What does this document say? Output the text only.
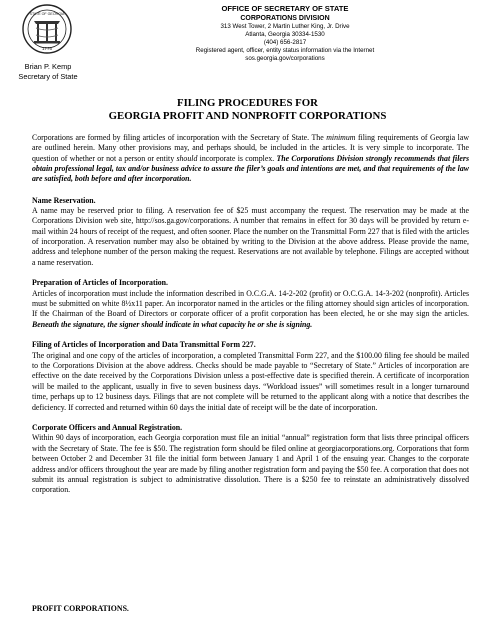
1776
STATE OF GEORGIA
Brian P. Kemp
Secretary of State
OFFICE OF SECRETARY OF STATE
CORPORATIONS DIVISION
313 West Tower, 2 Martin Luther King, Jr. Drive
Atlanta, Georgia 30334-1530
(404) 656-2817
Registered agent, officer, entity status information via the Internet
sos.georgia.gov/corporations
FILING PROCEDURES FOR
GEORGIA PROFIT AND NONPROFIT CORPORATIONS

Corporations are formed by filing articles of incorporation with the Secretary of State. The minimum filing requirements of Georgia law are outlined herein. Many other provisions may, and perhaps should, be included in the articles. It is very simple to incorporate. The question of whether or not a person or entity should incorporate is complex. The Corporations Division strongly recommends that filers obtain professional legal, tax and/or business advice to assure the filer’s goals and intentions are met, and that requirements of the law are satisfied, both before and after incorporation.

Name Reservation.

A name may be reserved prior to filing. A reservation fee of $25 must accompany the request. The reservation may be made at the Corporations Division web site, http://sos.ga.gov/corporations. A number that remains in effect for 30 days will be provided by return e-mail within 24 hours of receipt of the request, and often sooner. Place the number on the Transmittal Form 227 that is filed with the articles of incorporation. A reservation number may also be obtained by writing to the Division at the above address. Please provide the name, address and telephone number of the person making the request. Reservations are not available by telephone. Filings are accepted without a name reservation.

Preparation of Articles of Incorporation.

Articles of incorporation must include the information described in O.C.G.A. 14-2-202 (profit) or O.C.G.A. 14-3-202 (nonprofit). Articles must be submitted on white 8½x11 paper. An incorporator named in the articles or the filing attorney should sign articles of incorporation. If the Chairman of the Board of Directors or corporate officer of a profit corporation has been elected, he or she may sign the articles. Beneath the signature, the signer should indicate in what capacity he or she is signing.

Filing of Articles of Incorporation and Data Transmittal Form 227.

The original and one copy of the articles of incorporation, a completed Transmittal Form 227, and the $100.00 filing fee should be mailed to the Corporations Division at the above address. Checks should be made payable to “Secretary of State.” Articles of incorporation are effective on the date received by the Corporations Division unless a post-effective date is specified therein. A certificate of incorporation will be mailed to the applicant, usually in five to seven business days. “Workload issues” will sometimes result in a longer turnaround time, perhaps up to 12 business days. Filings that are not complete will be returned to the applicant along with a notice that describes the deficiency. If corrected and returned within 60 days the initial date of receipt will be the date of incorporation.

Corporate Officers and Annual Registration.

Within 90 days of incorporation, each Georgia corporation must file an initial “annual” registration form that lists three principal officers with the Secretary of State. The fee is $50. The registration form should be filed online at georgiacorporations.org. Corporations that form between October 2 and December 31 file the initial form between January 1 and April 1 of the ensuing year. Changes to the corporate address and/or officers throughout the year are made by filing another registration form and paying the $50 fee. A corporation that does not submit its annual registration is subject to administrative dissolution. There is a $250 fee to reinstate an administratively dissolved corporation.

PROFIT CORPORATIONS.
